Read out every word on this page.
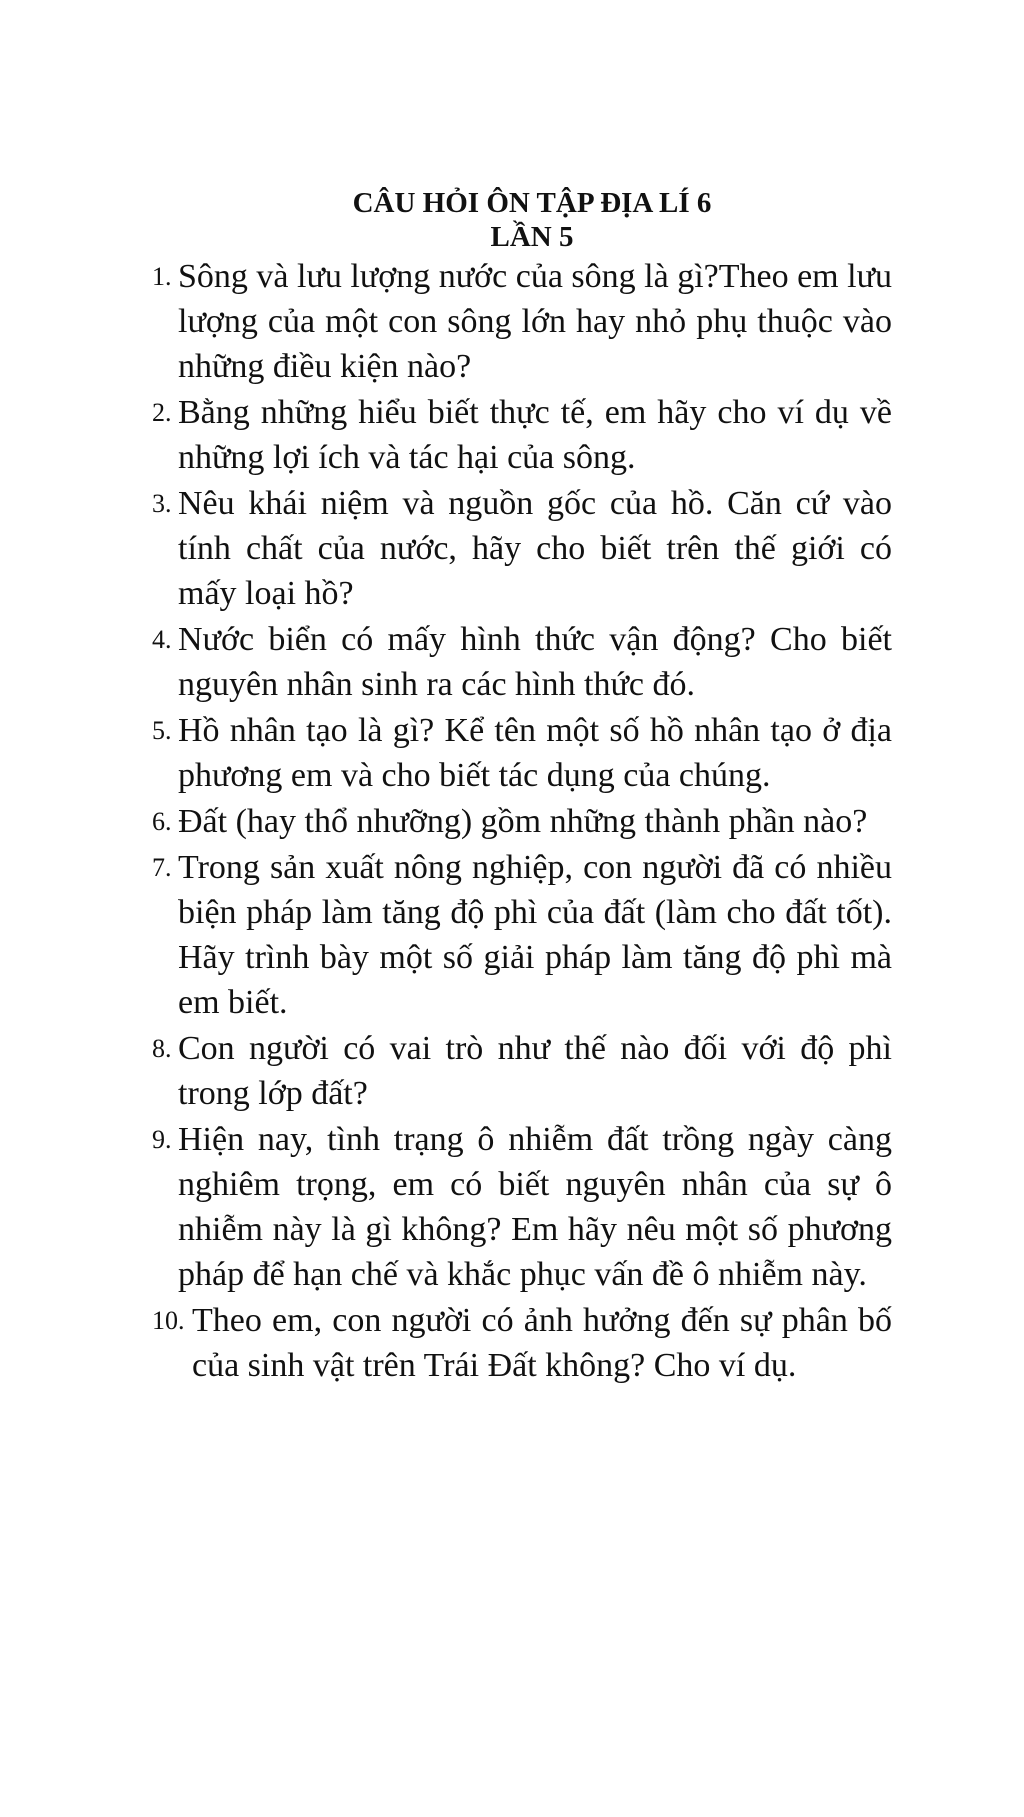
CÂU HỎI ÔN TẬP ĐỊA LÍ 6
LẦN 5
1 . Sông và lưu lượng nước của sông là gì?Theo em lưu lượng của một con sông lớn hay nhỏ phụ thuộc vào những điều kiện nào?
2 . Bằng những hiểu biết thực tế, em hãy cho ví dụ về những lợi ích và tác hại của sông.
3 . Nêu khái niệm và nguồn gốc của hồ. Căn cứ vào tính chất của nước, hãy cho biết trên thế giới có mấy loại hồ?
4 . Nước biển có mấy hình thức vận động? Cho biết nguyên nhân sinh ra các hình thức đó.
5 . Hồ nhân tạo là gì? Kể tên một số hồ nhân tạo ở địa phương em và cho biết tác dụng của chúng.
6 . Đất (hay thổ nhưỡng) gồm những thành phần nào?
7 . Trong sản xuất nông nghiệp, con người đã có nhiều biện pháp làm tăng độ phì của đất (làm cho đất tốt). Hãy trình bày một số giải pháp làm tăng độ phì mà em biết.
8 . Con người có vai trò như thế nào đối với độ phì trong lớp đất?
9 . Hiện nay, tình trạng ô nhiễm đất trồng ngày càng nghiêm trọng, em có biết nguyên nhân của sự ô nhiễm này là gì không? Em hãy nêu một số phương pháp để hạn chế và khắc phục vấn đề ô nhiễm này.
10 . Theo em, con người có ảnh hưởng đến sự phân bố của sinh vật trên Trái Đất không? Cho ví dụ.
